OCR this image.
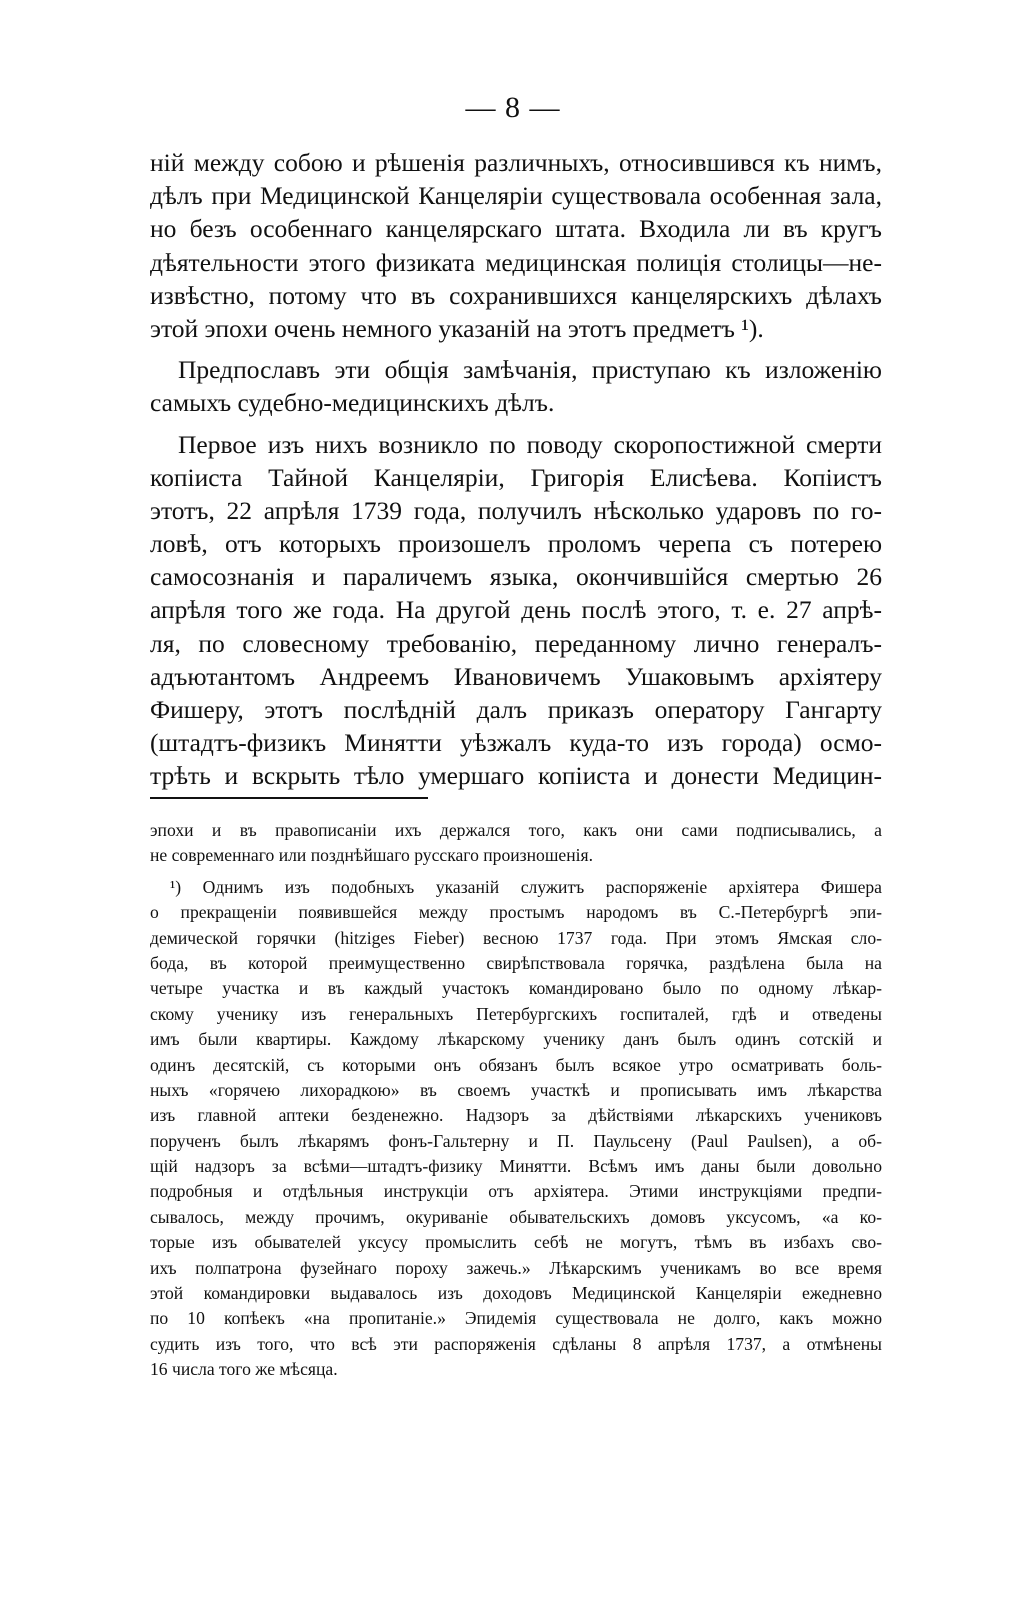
— 8 —
ній между собою и рѣшенія различныхъ, относившився къ нимъ,
дѣлъ при Медицинской Канцеляріи существовала особенная зала,
но безъ особеннаго канцелярскаго штата. Входила ли въ кругъ
дѣятельности этого физиката медицинская полиція столицы—не-
извѣстно, потому что въ сохранившихся канцелярскихъ дѣлахъ
этой эпохи очень немного указаній на этотъ предметъ ¹).
Предпославъ эти общія замѣчанія, приступаю къ изложенію
самыхъ судебно-медицинскихъ дѣлъ.
Первое изъ нихъ возникло по поводу скоропостижной смерти
копіиста Тайной Канцеляріи, Григорія Елисѣева. Копіистъ
этотъ, 22 апрѣля 1739 года, получилъ нѣсколько ударовъ по го-
ловѣ, отъ которыхъ произошелъ проломъ черепа съ потерею
самосознанія и параличемъ языка, окончившійся смертью 26
апрѣля того же года. На другой день послѣ этого, т. е. 27 апрѣ-
ля, по словесному требованію, переданному лично генералъ-
адъютантомъ Андреемъ Ивановичемъ Ушаковымъ архіятеру
Фишеру, этотъ послѣдній далъ приказъ оператору Гангарту
(штадтъ-физикъ Минятти уѣзжалъ куда-то изъ города) осмо-
трѣть и вскрыть тѣло умершаго копіиста и донести Медицин-
эпохи и въ правописаніи ихъ держался того, какъ они сами подписывались, а
не современнаго или позднѣйшаго русскаго произношенія.
¹) Однимъ изъ подобныхъ указаній служитъ распоряженіе архіятера Фишера
о прекращеніи появившейся между простымъ народомъ въ С.-Петербургѣ эпи-
демической горячки (hitziges Fieber) весною 1737 года. При этомъ Ямская сло-
бода, въ которой преимущественно свирѣпствовала горячка, раздѣлена была на
четыре участка и въ каждый участокъ командировано было по одному лѣкар-
скому ученику изъ генеральныхъ Петербургскихъ госпиталей, гдѣ и отведены
имъ были квартиры. Каждому лѣкарскому ученику данъ былъ одинъ сотскій и
одинъ десятскій, съ которыми онъ обязанъ былъ всякое утро осматривать боль-
ныхъ «горячею лихорадкою» въ своемъ участкѣ и прописывать имъ лѣкарства
изъ главной аптеки безденежно. Надзоръ за дѣйствіями лѣкарскихъ учениковъ
порученъ былъ лѣкарямъ фонъ-Гальтерну и П. Паульсену (Paul Paulsen), а об-
щій надзоръ за всѣми—штадтъ-физику Минятти. Всѣмъ имъ даны были довольно
подробныя и отдѣльныя инструкціи отъ архіятера. Этими инструкціями предпи-
сывалось, между прочимъ, окуриваніе обывательскихъ домовъ уксусомъ, «а ко-
торые изъ обывателей уксусу промыслить себѣ не могутъ, тѣмъ въ избахъ сво-
ихъ полпатрона фузейнаго пороху зажечь.» Лѣкарскимъ ученикамъ во все время
этой командировки выдавалось изъ доходовъ Медицинской Канцеляріи ежедневно
по 10 копѣекъ «на пропитаніе.» Эпидемія существовала не долго, какъ можно
судить изъ того, что всѣ эти распоряженія сдѣланы 8 апрѣля 1737, а отмѣнены
16 числа того же мѣсяца.
